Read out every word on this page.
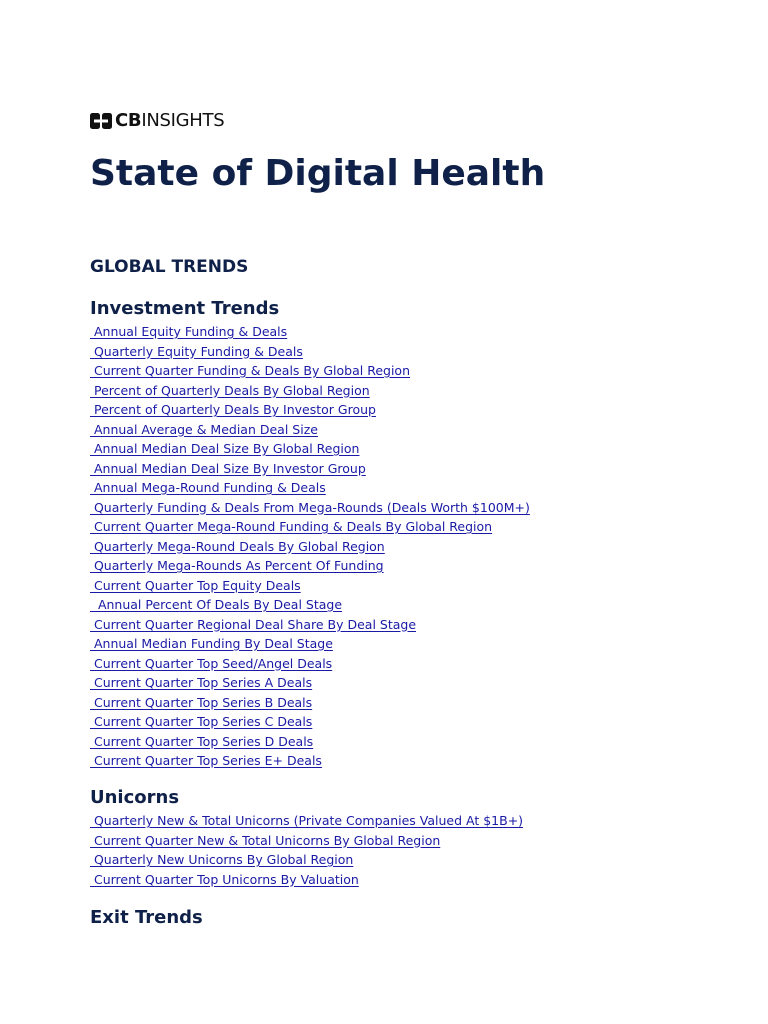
CBINSIGHTS
State of Digital Health
GLOBAL TRENDS
Investment Trends
Annual Equity Funding & Deals
Quarterly Equity Funding & Deals
Current Quarter Funding & Deals By Global Region
Percent of Quarterly Deals By Global Region
Percent of Quarterly Deals By Investor Group
Annual Average & Median Deal Size
Annual Median Deal Size By Global Region
Annual Median Deal Size By Investor Group
Annual Mega-Round Funding & Deals
Quarterly Funding & Deals From Mega-Rounds (Deals Worth $100M+)
Current Quarter Mega-Round Funding & Deals By Global Region
Quarterly Mega-Round Deals By Global Region
Quarterly Mega-Rounds As Percent Of Funding
Current Quarter Top Equity Deals
Annual Percent Of Deals By Deal Stage
Current Quarter Regional Deal Share By Deal Stage
Annual Median Funding By Deal Stage
Current Quarter Top Seed/Angel Deals
Current Quarter Top Series A Deals
Current Quarter Top Series B Deals
Current Quarter Top Series C Deals
Current Quarter Top Series D Deals
Current Quarter Top Series E+ Deals
Unicorns
Quarterly New & Total Unicorns (Private Companies Valued At $1B+)
Current Quarter New & Total Unicorns By Global Region
Quarterly New Unicorns By Global Region
Current Quarter Top Unicorns By Valuation
Exit Trends
